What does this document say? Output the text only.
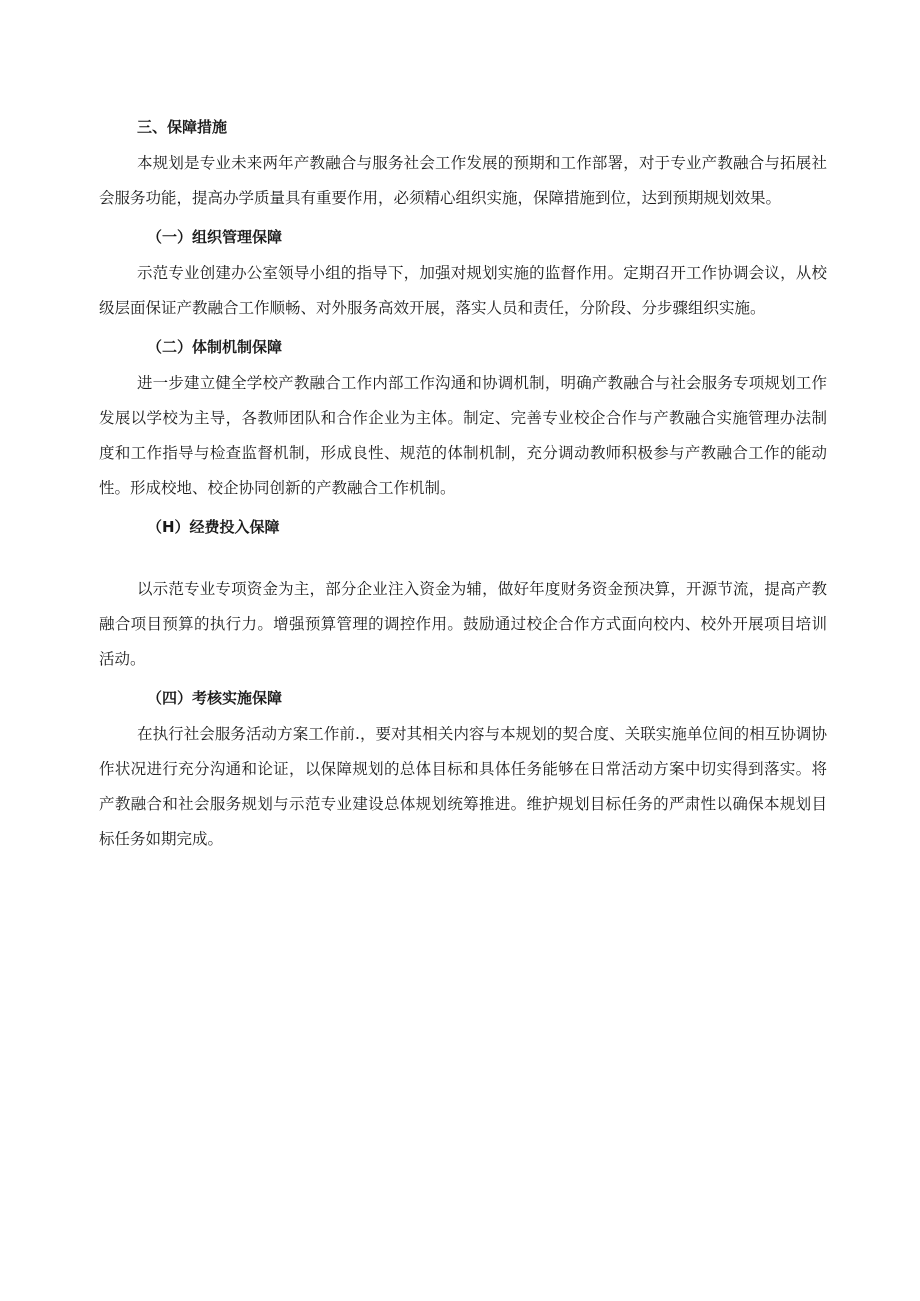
三、保障措施

本规划是专业未来两年产教融合与服务社会工作发展的预期和工作部署，对于专业产教融合与拓展社会服务功能，提高办学质量具有重要作用，必须精心组织实施，保障措施到位，达到预期规划效果。

（一）组织管理保障

示范专业创建办公室领导小组的指导下，加强对规划实施的监督作用。定期召开工作协调会议，从校级层面保证产教融合工作顺畅、对外服务高效开展，落实人员和责任，分阶段、分步骤组织实施。

（二）体制机制保障

进一步建立健全学校产教融合工作内部工作沟通和协调机制，明确产教融合与社会服务专项规划工作发展以学校为主导，各教师团队和合作企业为主体。制定、完善专业校企合作与产教融合实施管理办法制度和工作指导与检查监督机制，形成良性、规范的体制机制，充分调动教师积极参与产教融合工作的能动性。形成校地、校企协同创新的产教融合工作机制。

（H）经费投入保障

以示范专业专项资金为主，部分企业注入资金为辅，做好年度财务资金预决算，开源节流，提高产教融合项目预算的执行力。增强预算管理的调控作用。鼓励通过校企合作方式面向校内、校外开展项目培训活动。

（四）考核实施保障

在执行社会服务活动方案工作前.，要对其相关内容与本规划的契合度、关联实施单位间的相互协调协作状况进行充分沟通和论证，以保障规划的总体目标和具体任务能够在日常活动方案中切实得到落实。将产教融合和社会服务规划与示范专业建设总体规划统筹推进。维护规划目标任务的严肃性以确保本规划目标任务如期完成。
